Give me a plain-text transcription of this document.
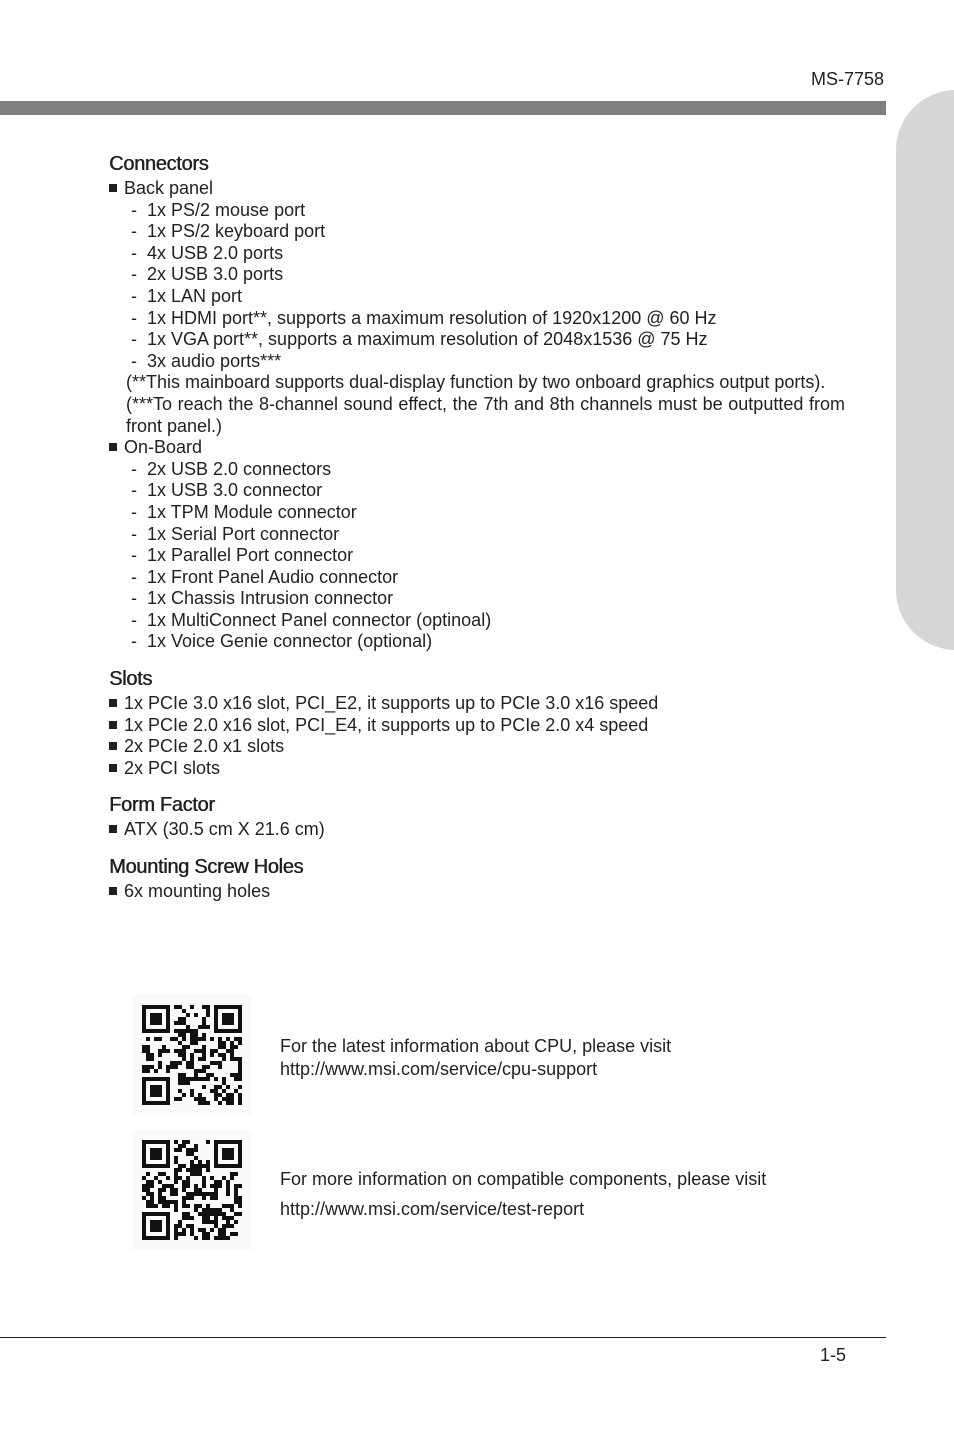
MS-7758
Chapter 1
Connectors
Back panel
-  1x PS/2 mouse port
-  1x PS/2 keyboard port
-  4x USB 2.0 ports
-  2x USB 3.0 ports
-  1x LAN port
-  1x HDMI port**, supports a maximum resolution of 1920x1200 @ 60 Hz
-  1x VGA port**, supports a maximum resolution of 2048x1536 @ 75 Hz
-  3x audio ports***
(**This mainboard supports dual-display function by two onboard graphics output ports).
(***To reach the 8-channel sound effect, the 7th and 8th channels must be outputted from front panel.)
On-Board
-  2x USB 2.0 connectors
-  1x USB 3.0 connector
-  1x TPM Module connector
-  1x Serial Port connector
-  1x Parallel Port connector
-  1x Front Panel Audio connector
-  1x Chassis Intrusion connector
-  1x MultiConnect Panel connector (optinoal)
-  1x Voice Genie connector (optional)
Slots
1x PCIe 3.0 x16 slot, PCI_E2, it supports up to PCIe 3.0 x16 speed
1x PCIe 2.0 x16 slot, PCI_E4, it supports up to PCIe 2.0 x4 speed
2x PCIe 2.0 x1 slots
2x PCI slots
Form Factor
ATX (30.5 cm X 21.6 cm)
Mounting Screw Holes
6x mounting holes
For the latest information about CPU, please visit
http://www.msi.com/service/cpu-support
For more information on compatible components, please visit
http://www.msi.com/service/test-report
1-5
